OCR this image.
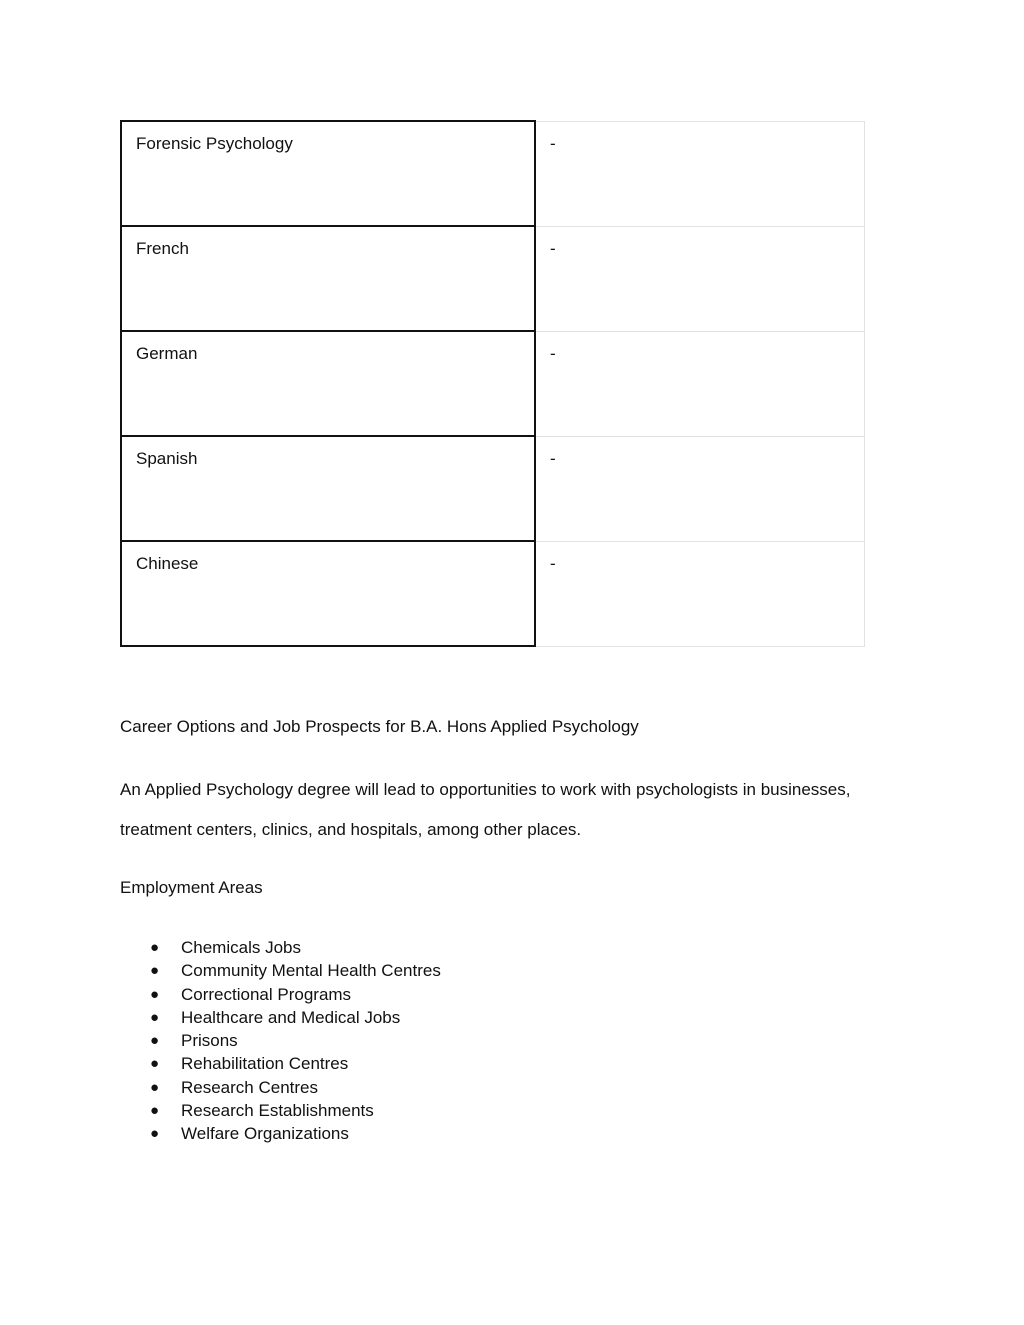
Forensic Psychology	-
French	-
German	-
Spanish	-
Chinese	-
Career Options and Job Prospects for B.A. Hons Applied Psychology
An Applied Psychology degree will lead to opportunities to work with psychologists in businesses, treatment centers, clinics, and hospitals, among other places.
Employment Areas
● Chemicals Jobs
● Community Mental Health Centres
● Correctional Programs
● Healthcare and Medical Jobs
● Prisons
● Rehabilitation Centres
● Research Centres
● Research Establishments
● Welfare Organizations
